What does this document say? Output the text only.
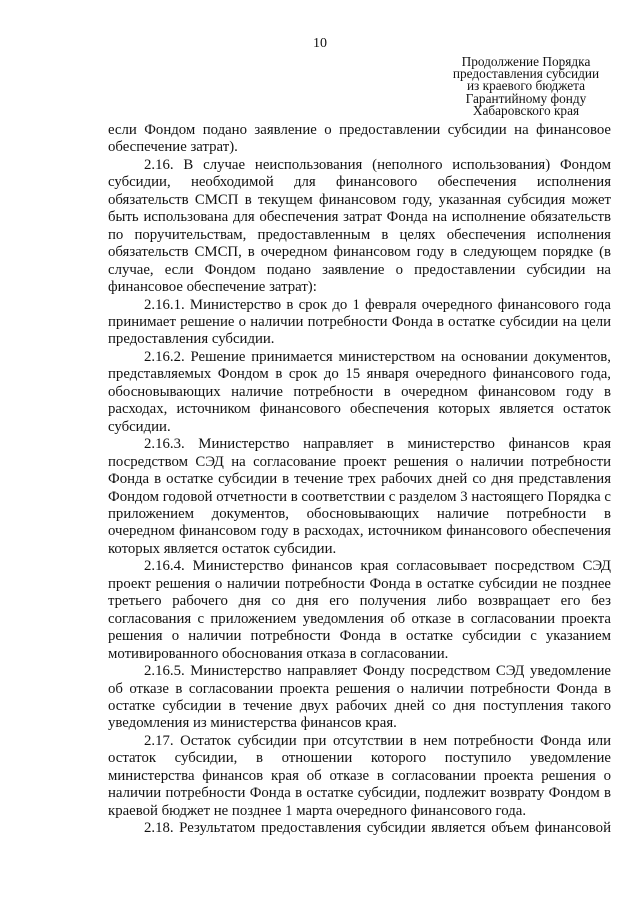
10
Продолжение Порядка
предоставления субсидии
из краевого бюджета
Гарантийному фонду
Хабаровского края

если Фондом подано заявление о предоставлении субсидии на финансовое обеспечение затрат).

2.16. В случае неиспользования (неполного использования) Фондом субсидии, необходимой для финансового обеспечения исполнения обязательств СМСП в текущем финансовом году, указанная субсидия может быть использована для обеспечения затрат Фонда на исполнение обязательств по поручительствам, предоставленным в целях обеспечения исполнения обязательств СМСП, в очередном финансовом году в следующем порядке (в случае, если Фондом подано заявление о предоставлении субсидии на финансовое обеспечение затрат):

2.16.1. Министерство в срок до 1 февраля очередного финансового года принимает решение о наличии потребности Фонда в остатке субсидии на цели предоставления субсидии.

2.16.2. Решение принимается министерством на основании документов, представляемых Фондом в срок до 15 января очередного финансового года, обосновывающих наличие потребности в очередном финансовом году в расходах, источником финансового обеспечения которых является остаток субсидии.

2.16.3. Министерство направляет в министерство финансов края посредством СЭД на согласование проект решения о наличии потребности Фонда в остатке субсидии в течение трех рабочих дней со дня представления Фондом годовой отчетности в соответствии с разделом 3 настоящего Порядка с приложением документов, обосновывающих наличие потребности в очередном финансовом году в расходах, источником финансового обеспечения которых является остаток субсидии.

2.16.4. Министерство финансов края согласовывает посредством СЭД проект решения о наличии потребности Фонда в остатке субсидии не позднее третьего рабочего дня со дня его получения либо возвращает его без согласования с приложением уведомления об отказе в согласовании проекта решения о наличии потребности Фонда в остатке субсидии с указанием мотивированного обоснования отказа в согласовании.

2.16.5. Министерство направляет Фонду посредством СЭД уведомление об отказе в согласовании проекта решения о наличии потребности Фонда в остатке субсидии в течение двух рабочих дней со дня поступления такого уведомления из министерства финансов края.

2.17. Остаток субсидии при отсутствии в нем потребности Фонда или остаток субсидии, в отношении которого поступило уведомление министерства финансов края об отказе в согласовании проекта решения о наличии потребности Фонда в остатке субсидии, подлежит возврату Фондом в краевой бюджет не позднее 1 марта очередного финансового года.

2.18. Результатом предоставления субсидии является объем финансовой
